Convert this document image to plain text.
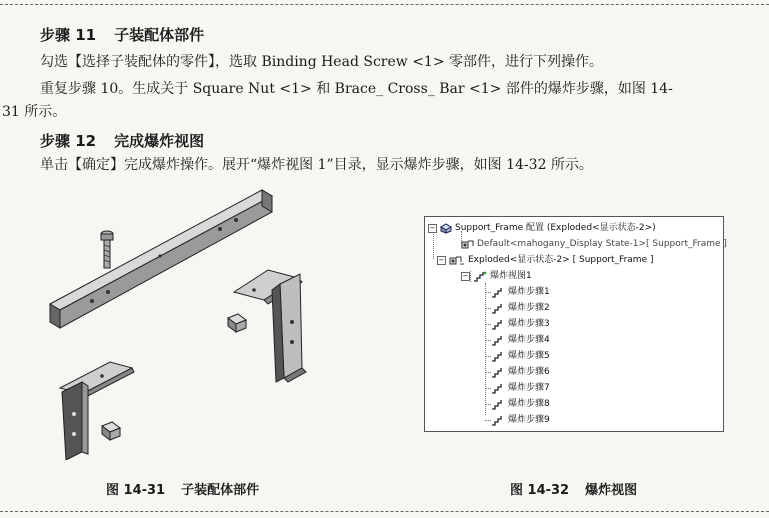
步骤 11 子装配体部件
勾选【选择子装配体的零件】，选取 Binding Head Screw <1> 零部件，进行下列操作。
重复步骤 10。生成关于 Square Nut <1> 和 Brace_ Cross_ Bar <1> 部件的爆炸步骤，如图 14-
31 所示。
步骤 12 完成爆炸视图
单击【确定】完成爆炸操作。展开“爆炸视图 1”目录，显示爆炸步骤，如图 14-32 所示。
图 14-31 子装配体部件
− Support_Frame 配置 (Exploded<显示状态-2>)
Default<mahogany_Display State-1>[ Support_Frame ]
−	Exploded<显示状态-2> [ Support_Frame ]
− 爆炸视图1
爆炸步骤1
爆炸步骤2
爆炸步骤3
爆炸步骤4
爆炸步骤5
爆炸步骤6
爆炸步骤7
爆炸步骤8
爆炸步骤9
图 14-32 爆炸视图
